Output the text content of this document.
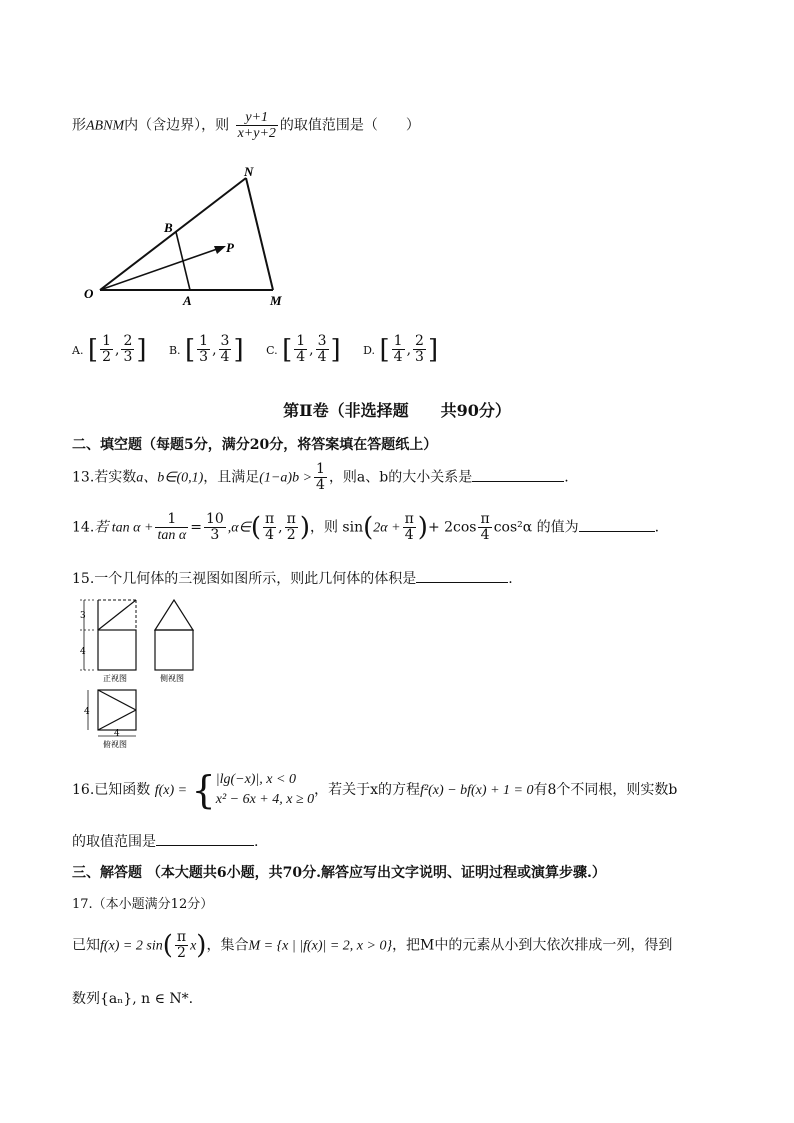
形ABNM内（含边界），则 $\frac{y+1}{x+y+2}$ 的取值范围是（　　）
O	A
B
N
M
P
A. [ $\frac{1}{2}$ , $\frac{2}{3}$ ] B. [ $\frac{1}{3}$ , $\frac{3}{4}$ ] C. [ $\frac{1}{4}$ , $\frac{3}{4}$ ] D. [ $\frac{1}{4}$ , $\frac{2}{3}$ ]
第Ⅱ卷（非选择题　　共90分）
二、填空题（每题5分，满分20分，将答案填在答题纸上）
13.若实数a、b∈(0,1)，且满足$(1-a)b > \frac{1}{4}$ ，则a、b的大小关系是	.
14.若 $\tan \alpha + \frac{1}{\text{tan α}} = \frac{10}{3}$ ,α∈( $\frac{\pi}{4}$ , $\frac{\pi}{2}$ )，则 $\sin(2\alpha + \frac{\pi}{4}$ )+ $2\cos \frac{\pi}{4} \cos^2\alpha$ 的值为	.
15.一个几何体的三视图如图所示，则此几何体的体积是	.
3
4
正视图	侧视图
4
4
俯视图
16.已知函数 f(x) = { |lg(−x)|, x < 0
x² − 6x + 4, x ≥ 0
，若关于x的方程f²(x) − bf(x) + 1 = 0有8个不同根，则实数b
的取值范围是	.
三、解答题 （本大题共6小题，共70分.解答应写出文字说明、证明过程或演算步骤.）
17.（本小题满分12分）
已知f(x) = 2 $\sin( \frac{\pi}{2} x)$，集合M = {x | |f(x)| = 2, x > 0}，把M中的元素从小到大依次排成一列，得到
数列{aₙ}, n ∈ N*.
